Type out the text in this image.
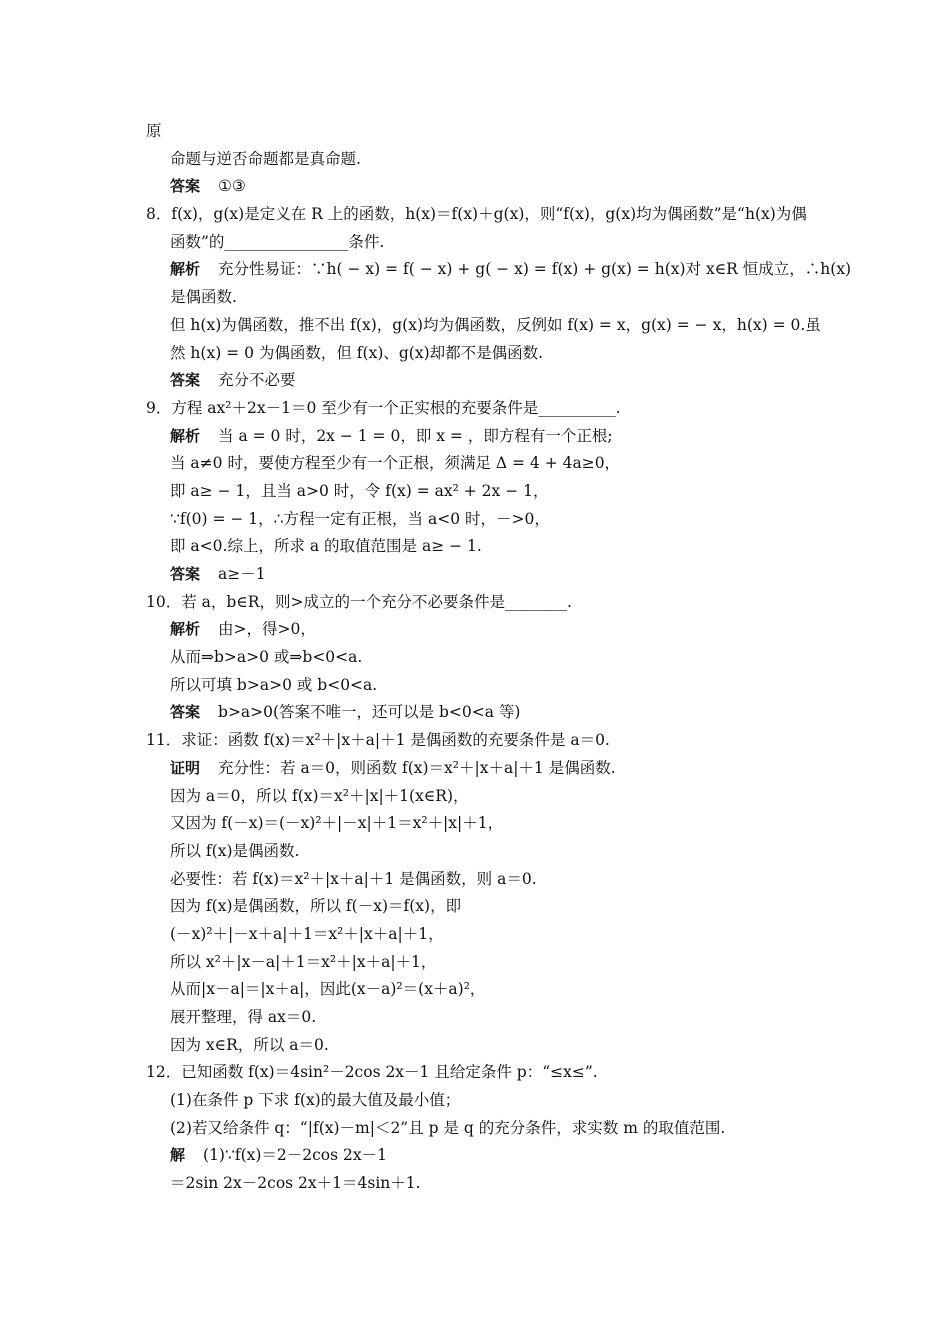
原
命题与逆否命题都是真命题.
答案 ①③
8．f(x)，g(x)是定义在 R 上的函数，h(x)＝f(x)＋g(x)，则“f(x)，g(x)均为偶函数”是“h(x)为偶
函数”的________________条件.
解析 充分性易证：∵h( − x) = f( − x) + g( − x) = f(x) + g(x) = h(x)对 x∈R 恒成立，∴h(x)
是偶函数.
但 h(x)为偶函数，推不出 f(x)，g(x)均为偶函数，反例如 f(x) = x，g(x) = − x，h(x) = 0.虽
然 h(x) = 0 为偶函数，但 f(x)、g(x)却都不是偶函数.
答案 充分不必要
9．方程 ax²＋2x－1＝0 至少有一个正实根的充要条件是__________.
解析 当 a = 0 时，2x − 1 = 0，即 x = ，即方程有一个正根;
当 a≠0 时，要使方程至少有一个正根，须满足 Δ = 4 + 4a≥0，
即 a≥ − 1，且当 a>0 时，令 f(x) = ax² + 2x − 1，
∵f(0) = − 1，∴方程一定有正根，当 a<0 时，－>0，
即 a<0.综上，所求 a 的取值范围是 a≥ − 1.
答案 a≥－1
10．若 a，b∈R，则>成立的一个充分不必要条件是________.
解析 由>，得>0，
从而⇒b>a>0 或⇒b<0<a.
所以可填 b>a>0 或 b<0<a.
答案 b>a>0(答案不唯一，还可以是 b<0<a 等)
11．求证：函数 f(x)＝x²＋|x＋a|＋1 是偶函数的充要条件是 a＝0.
证明 充分性：若 a＝0，则函数 f(x)＝x²＋|x＋a|＋1 是偶函数.
因为 a＝0，所以 f(x)＝x²＋|x|＋1(x∈R)，
又因为 f(－x)＝(－x)²＋|－x|＋1＝x²＋|x|＋1，
所以 f(x)是偶函数.
必要性：若 f(x)＝x²＋|x＋a|＋1 是偶函数，则 a＝0.
因为 f(x)是偶函数，所以 f(－x)＝f(x)，即
(－x)²＋|－x＋a|＋1＝x²＋|x＋a|＋1，
所以 x²＋|x－a|＋1＝x²＋|x＋a|＋1，
从而|x－a|＝|x＋a|，因此(x－a)²＝(x＋a)²，
展开整理，得 ax＝0.
因为 x∈R，所以 a＝0.
12．已知函数 f(x)＝4sin²－2cos 2x－1 且给定条件 p：“≤x≤”.
(1)在条件 p 下求 f(x)的最大值及最小值；
(2)若又给条件 q：“|f(x)－m|＜2”且 p 是 q 的充分条件，求实数 m 的取值范围.
解 (1)∵f(x)＝2－2cos 2x－1
＝2sin 2x－2cos 2x＋1＝4sin＋1.
